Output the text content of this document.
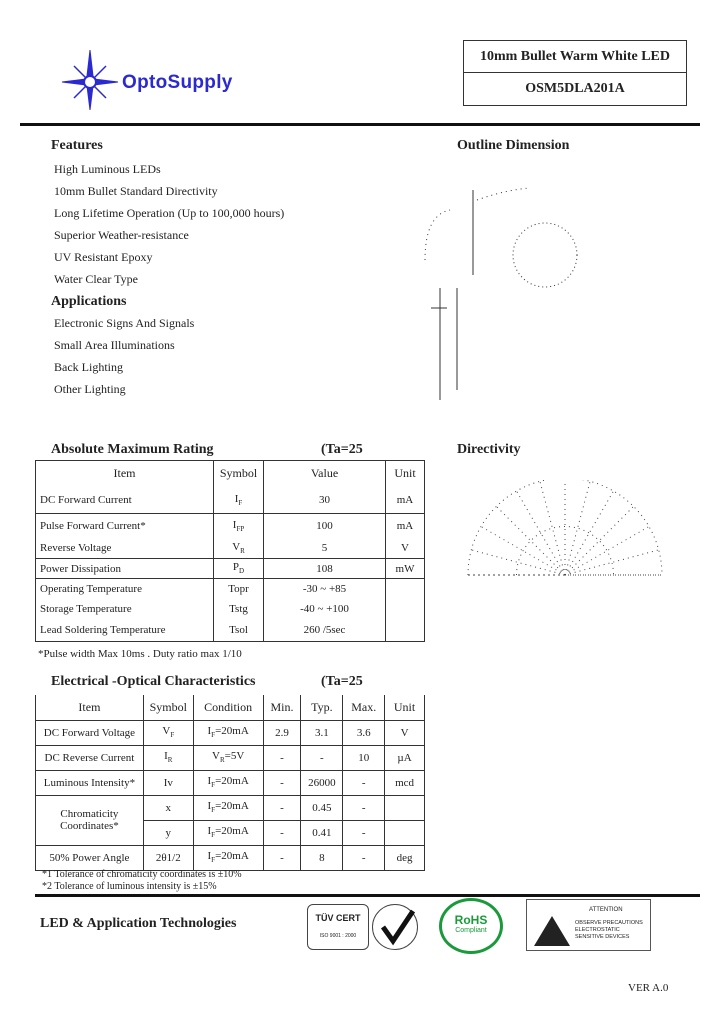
OptoSupply
10mm Bullet Warm White LED
OSM5DLA201A
Features
Applications
Outline Dimension
Directivity
Absolute Maximum Rating	(Ta=25
Item	Symbol	Value	Unit
DC Forward Current	$I_F$	30	mA
Pulse Forward Current*	$I_{FP}$	100	mA
Reverse Voltage	$V_R$	5	V
Power Dissipation	$P_D$	108	mW
Operating Temperature	Topr	-30 ~ +85	
Storage Temperature	Tstg	-40 ~ +100	
Lead Soldering Temperature	Tsol	260 /5sec	
*Pulse width Max 10ms . Duty ratio max 1/10
Electrical -Optical Characteristics	(Ta=25
Item	Symbol	Condition	Min.	Typ.	Max.	Unit
DC Forward Voltage	$V_F$	$I_F=20mA$	2.9	3.1	3.6	V
DC Reverse Current	$I_R$	$V_R=5V$	-	-	10	µA
Luminous Intensity*	Iv	$I_F=20mA$	-	26000	-	mcd
Chromaticity Coordinates*	x	$I_F=20mA$	-	0.45	-	
	y	$I_F=20mA$	-	0.41	-	
50% Power Angle	2θ1/2	$I_F=20mA$	-	8	-	deg
*1 Tolerance of chromaticity coordinates is ±10%
*2 Tolerance of luminous intensity is ±15%
LED & Application Technologies	TÜV CERT
ISO 9001 : 2000
RoHS
Compliant
ATTENTION
OBSERVE PRECAUTIONS
ELECTROSTATIC
SENSITIVE DEVICES
VER A.0
High Luminous LEDs
10mm Bullet Standard Directivity
Long Lifetime Operation (Up to 100,000 hours)
Superior Weather-resistance
UV Resistant Epoxy
Water Clear Type
Electronic Signs And Signals
Small Area Illuminations
Back Lighting
Other Lighting
